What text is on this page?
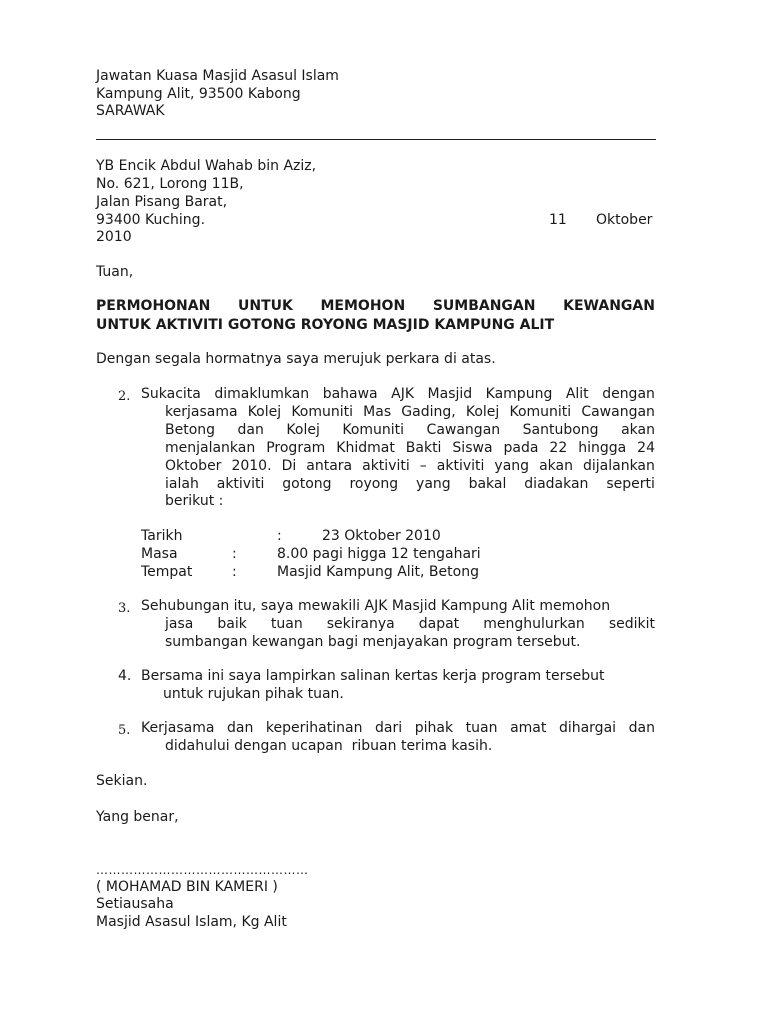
Jawatan Kuasa Masjid Asasul Islam
Kampung Alit, 93500 Kabong
SARAWAK
YB Encik Abdul Wahab bin Aziz,
No. 621, Lorong 11B,
Jalan Pisang Barat,
93400 Kuching.	11 Oktober
2010
Tuan,
PERMOHONAN UNTUK MEMOHON SUMBANGAN KEWANGAN
UNTUK AKTIVITI GOTONG ROYONG MASJID KAMPUNG ALIT
Dengan segala hormatnya saya merujuk perkara di atas.
2. Sukacita dimaklumkan bahawa AJK Masjid Kampung Alit dengan
kerjasama Kolej Komuniti Mas Gading, Kolej Komuniti Cawangan
Betong dan Kolej Komuniti Cawangan Santubong akan
menjalankan Program Khidmat Bakti Siswa pada 22 hingga 24
Oktober 2010. Di antara aktiviti – aktiviti yang akan dijalankan
ialah aktiviti gotong royong yang bakal diadakan seperti
berikut :
Tarikh	:	23 Oktober 2010
Masa	:	8.00 pagi higga 12 tengahari
Tempat	:	Masjid Kampung Alit, Betong
3. Sehubungan itu, saya mewakili AJK Masjid Kampung Alit memohon
jasa baik tuan sekiranya dapat menghulurkan sedikit
sumbangan kewangan bagi menjayakan program tersebut.
4. Bersama ini saya lampirkan salinan kertas kerja program tersebut
untuk rujukan pihak tuan.
5. Kerjasama dan keperihatinan dari pihak tuan amat dihargai dan
didahului dengan ucapan  ribuan terima kasih.
Sekian.
Yang benar,
……………………………………………
( MOHAMAD BIN KAMERI )
Setiausaha
Masjid Asasul Islam, Kg Alit
